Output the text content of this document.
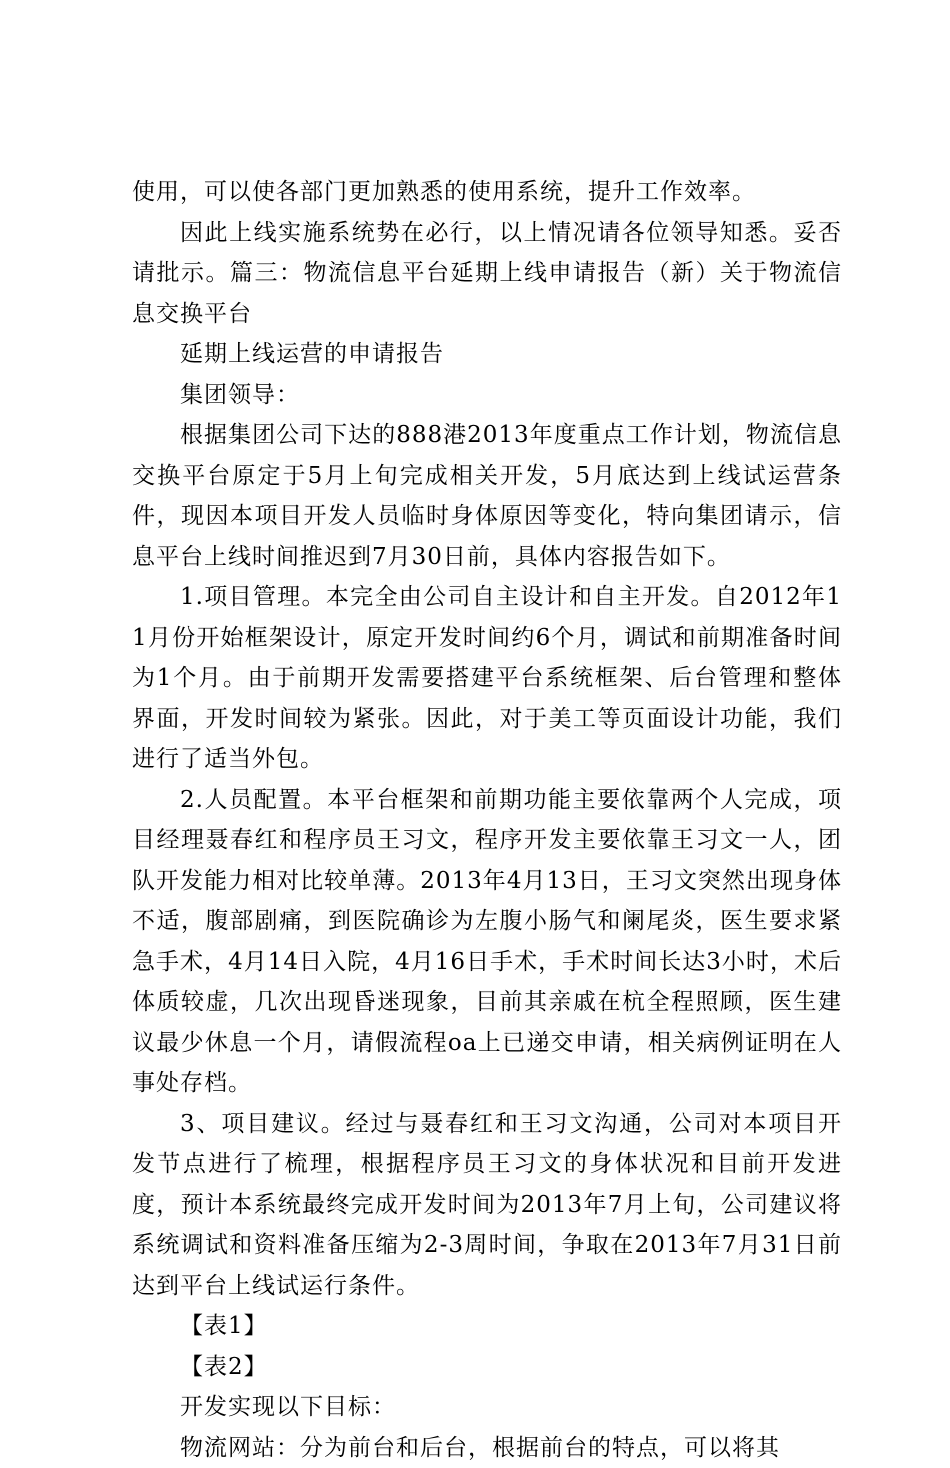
使用，可以使各部门更加熟悉的使用系统，提升工作效率。

因此上线实施系统势在必行，以上情况请各位领导知悉。妥否请批示。篇三：物流信息平台延期上线申请报告（新）关于物流信息交换平台

延期上线运营的申请报告

集团领导：

根据集团公司下达的888港2013年度重点工作计划，物流信息交换平台原定于5月上旬完成相关开发，5月底达到上线试运营条件，现因本项目开发人员临时身体原因等变化，特向集团请示，信息平台上线时间推迟到7月30日前，具体内容报告如下。

1.项目管理。本完全由公司自主设计和自主开发。自2012年11月份开始框架设计，原定开发时间约6个月，调试和前期准备时间为1个月。由于前期开发需要搭建平台系统框架、后台管理和整体界面，开发时间较为紧张。因此，对于美工等页面设计功能，我们进行了适当外包。

2.人员配置。本平台框架和前期功能主要依靠两个人完成，项目经理聂春红和程序员王习文，程序开发主要依靠王习文一人，团队开发能力相对比较单薄。2013年4月13日，王习文突然出现身体不适，腹部剧痛，到医院确诊为左腹小肠气和阑尾炎，医生要求紧急手术，4月14日入院，4月16日手术，手术时间长达3小时，术后体质较虚，几次出现昏迷现象，目前其亲戚在杭全程照顾，医生建议最少休息一个月，请假流程oa上已递交申请，相关病例证明在人事处存档。

3、项目建议。经过与聂春红和王习文沟通，公司对本项目开发节点进行了梳理，根据程序员王习文的身体状况和目前开发进度，预计本系统最终完成开发时间为2013年7月上旬，公司建议将系统调试和资料准备压缩为2-3周时间，争取在2013年7月31日前达到平台上线试运行条件。

【表1】

【表2】

开发实现以下目标：

物流网站：分为前台和后台，根据前台的特点，可以将其
